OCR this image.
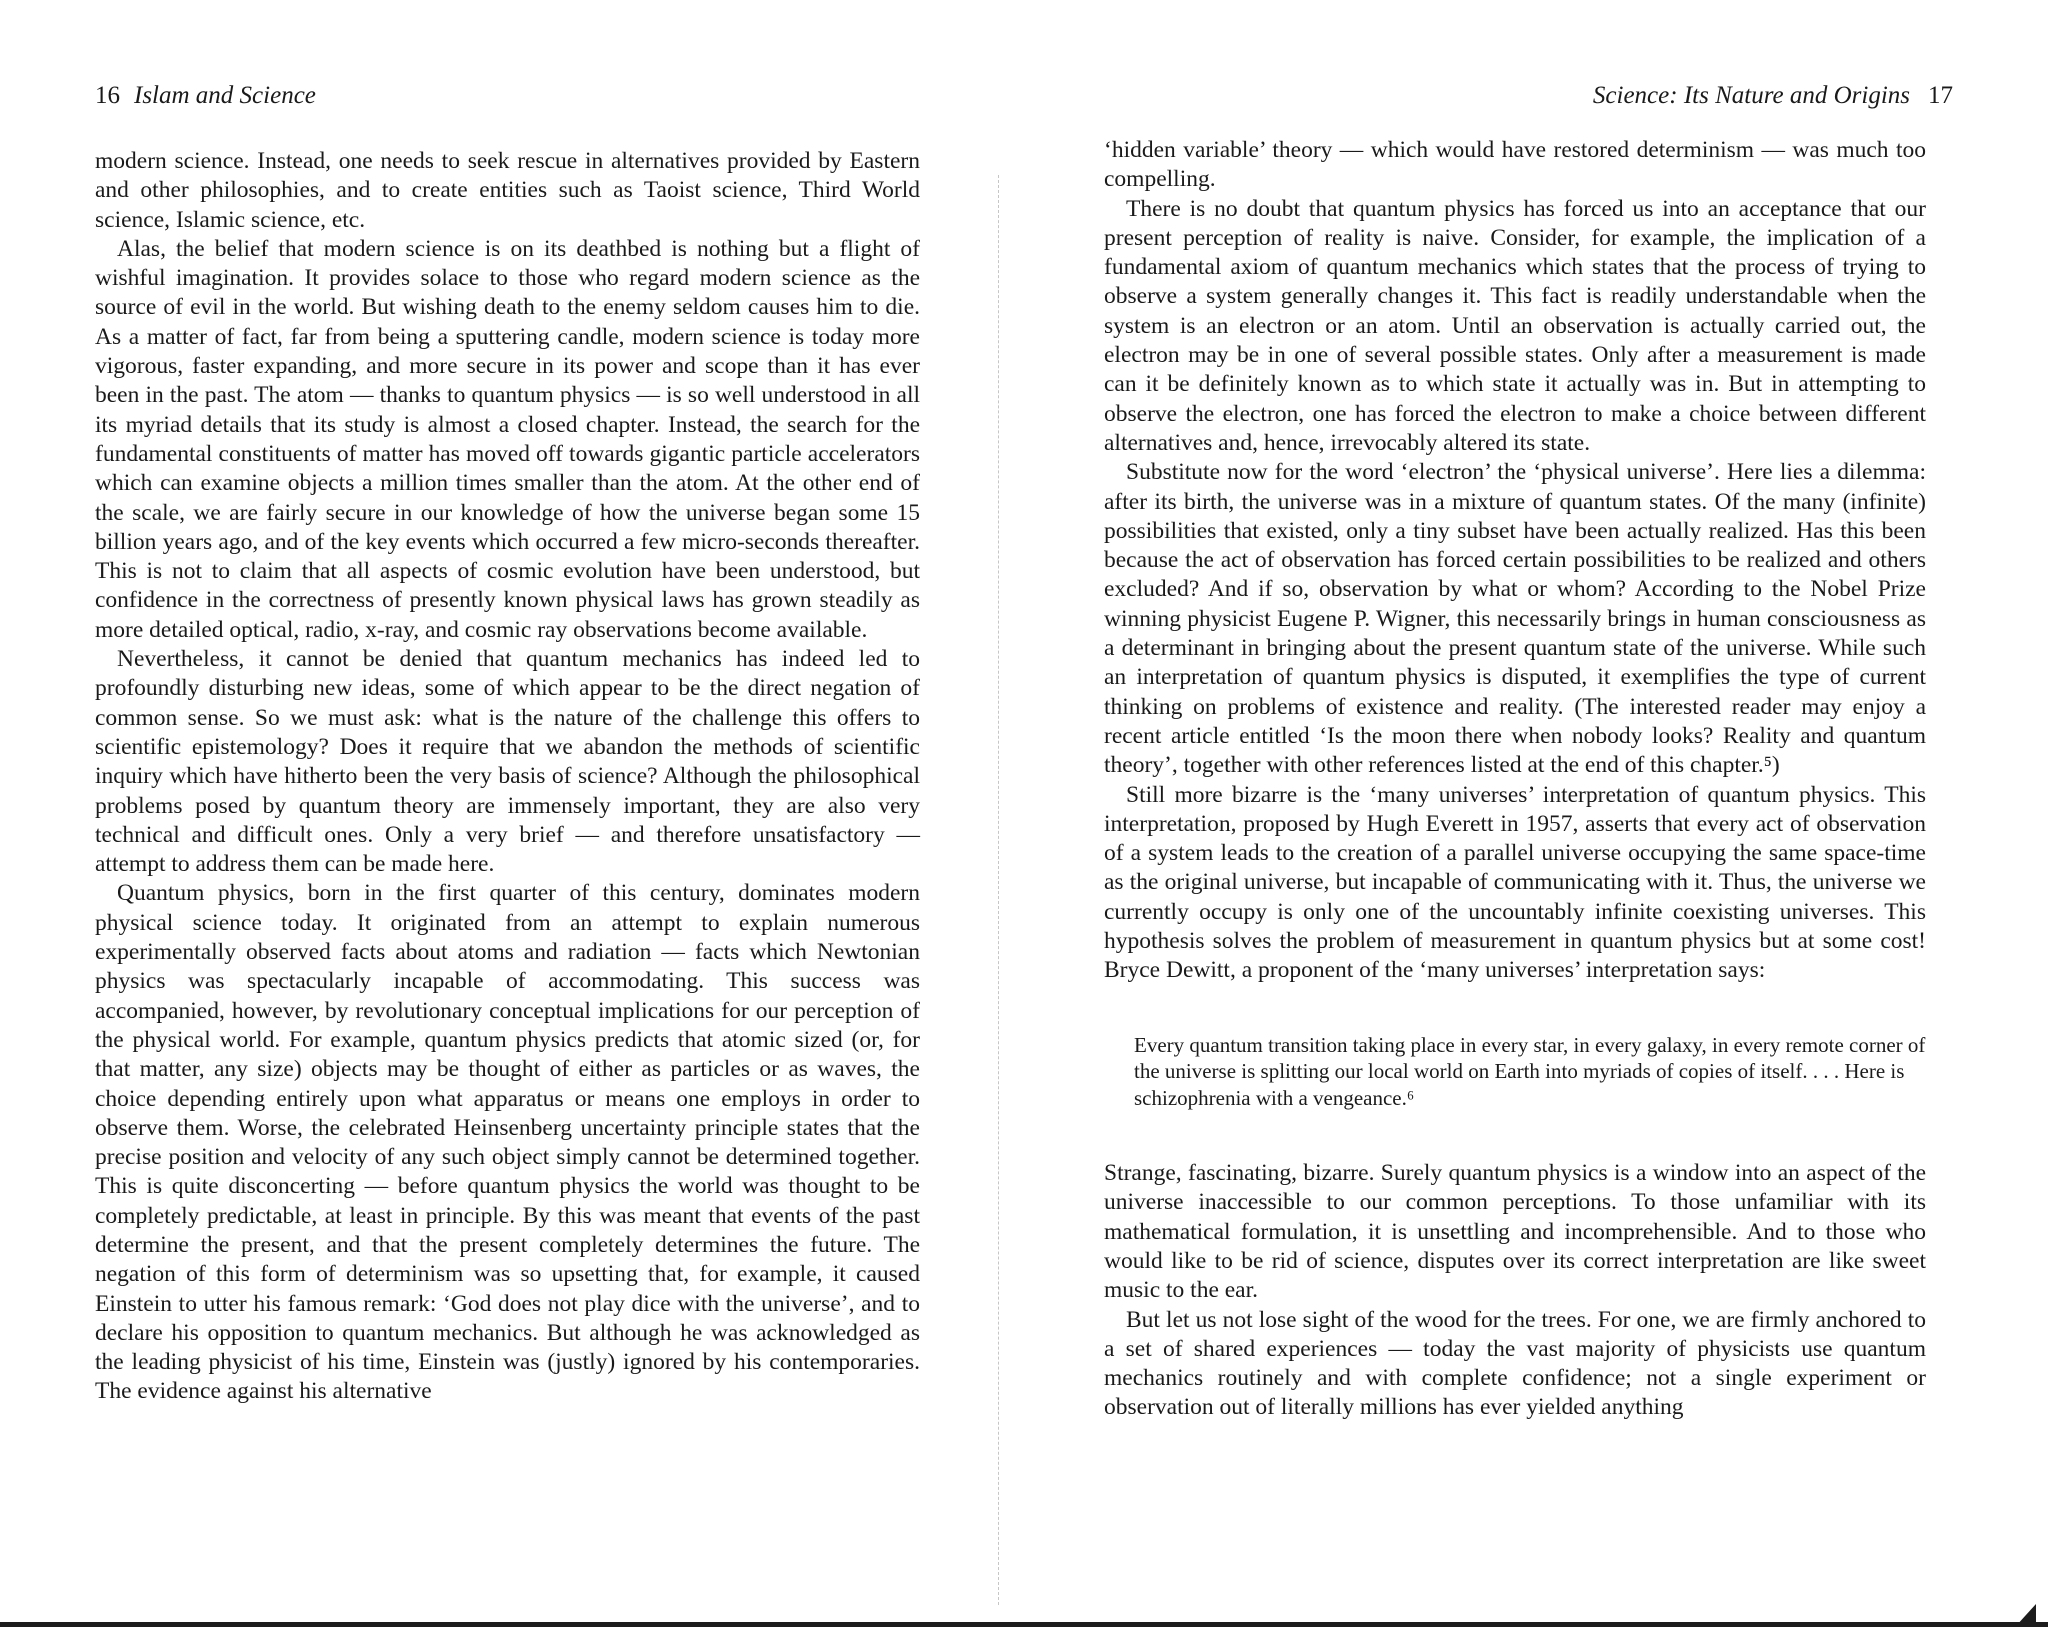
16 Islam and Science

modern science. Instead, one needs to seek rescue in alternatives provided by Eastern and other philosophies, and to create entities such as Taoist science, Third World science, Islamic science, etc.

Alas, the belief that modern science is on its deathbed is nothing but a flight of wishful imagination. It provides solace to those who regard modern science as the source of evil in the world. But wishing death to the enemy seldom causes him to die. As a matter of fact, far from being a sputtering candle, modern science is today more vigorous, faster expanding, and more secure in its power and scope than it has ever been in the past. The atom — thanks to quantum physics — is so well understood in all its myriad details that its study is almost a closed chapter. Instead, the search for the fundamental constituents of matter has moved off towards gigantic particle accelerators which can examine objects a million times smaller than the atom. At the other end of the scale, we are fairly secure in our knowledge of how the universe began some 15 billion years ago, and of the key events which occurred a few micro-seconds thereafter. This is not to claim that all aspects of cosmic evolution have been understood, but confidence in the correctness of presently known physical laws has grown steadily as more detailed optical, radio, x-ray, and cosmic ray observations become available.

Nevertheless, it cannot be denied that quantum mechanics has indeed led to profoundly disturbing new ideas, some of which appear to be the direct negation of common sense. So we must ask: what is the nature of the challenge this offers to scientific epistemology? Does it require that we abandon the methods of scientific inquiry which have hitherto been the very basis of science? Although the philosophical problems posed by quantum theory are immensely important, they are also very technical and difficult ones. Only a very brief — and therefore unsatisfactory — attempt to address them can be made here.

Quantum physics, born in the first quarter of this century, dominates modern physical science today. It originated from an attempt to explain numerous experimentally observed facts about atoms and radiation — facts which Newtonian physics was spectacularly incapable of accommodating. This success was accompanied, however, by revolutionary conceptual implications for our perception of the physical world. For example, quantum physics predicts that atomic sized (or, for that matter, any size) objects may be thought of either as particles or as waves, the choice depending entirely upon what apparatus or means one employs in order to observe them. Worse, the celebrated Heinsenberg uncertainty principle states that the precise position and velocity of any such object simply cannot be determined together. This is quite disconcerting — before quantum physics the world was thought to be completely predictable, at least in principle. By this was meant that events of the past determine the present, and that the present completely determines the future. The negation of this form of determinism was so upsetting that, for example, it caused Einstein to utter his famous remark: ‘God does not play dice with the universe’, and to declare his opposition to quantum mechanics. But although he was acknowledged as the leading physicist of his time, Einstein was (justly) ignored by his contemporaries. The evidence against his alternative

Science: Its Nature and Origins 17

‘hidden variable’ theory — which would have restored determinism — was much too compelling.

There is no doubt that quantum physics has forced us into an acceptance that our present perception of reality is naive. Consider, for example, the implication of a fundamental axiom of quantum mechanics which states that the process of trying to observe a system generally changes it. This fact is readily understandable when the system is an electron or an atom. Until an observation is actually carried out, the electron may be in one of several possible states. Only after a measurement is made can it be definitely known as to which state it actually was in. But in attempting to observe the electron, one has forced the electron to make a choice between different alternatives and, hence, irrevocably altered its state.

Substitute now for the word ‘electron’ the ‘physical universe’. Here lies a dilemma: after its birth, the universe was in a mixture of quantum states. Of the many (infinite) possibilities that existed, only a tiny subset have been actually realized. Has this been because the act of observation has forced certain possibilities to be realized and others excluded? And if so, observation by what or whom? According to the Nobel Prize winning physicist Eugene P. Wigner, this necessarily brings in human consciousness as a determinant in bringing about the present quantum state of the universe. While such an interpretation of quantum physics is disputed, it exemplifies the type of current thinking on problems of existence and reality. (The interested reader may enjoy a recent article entitled ‘Is the moon there when nobody looks? Reality and quantum theory’, together with other references listed at the end of this chapter.⁵)

Still more bizarre is the ‘many universes’ interpretation of quantum physics. This interpretation, proposed by Hugh Everett in 1957, asserts that every act of observation of a system leads to the creation of a parallel universe occupying the same space-time as the original universe, but incapable of communicating with it. Thus, the universe we currently occupy is only one of the uncountably infinite coexisting universes. This hypothesis solves the problem of measurement in quantum physics but at some cost! Bryce Dewitt, a proponent of the ‘many universes’ interpretation says:

Every quantum transition taking place in every star, in every galaxy, in every remote corner of the universe is splitting our local world on Earth into myriads of copies of itself. . . . Here is schizophrenia with a vengeance.⁶

Strange, fascinating, bizarre. Surely quantum physics is a window into an aspect of the universe inaccessible to our common perceptions. To those unfamiliar with its mathematical formulation, it is unsettling and incomprehensible. And to those who would like to be rid of science, disputes over its correct interpretation are like sweet music to the ear.

But let us not lose sight of the wood for the trees. For one, we are firmly anchored to a set of shared experiences — today the vast majority of physicists use quantum mechanics routinely and with complete confidence; not a single experiment or observation out of literally millions has ever yielded anything
